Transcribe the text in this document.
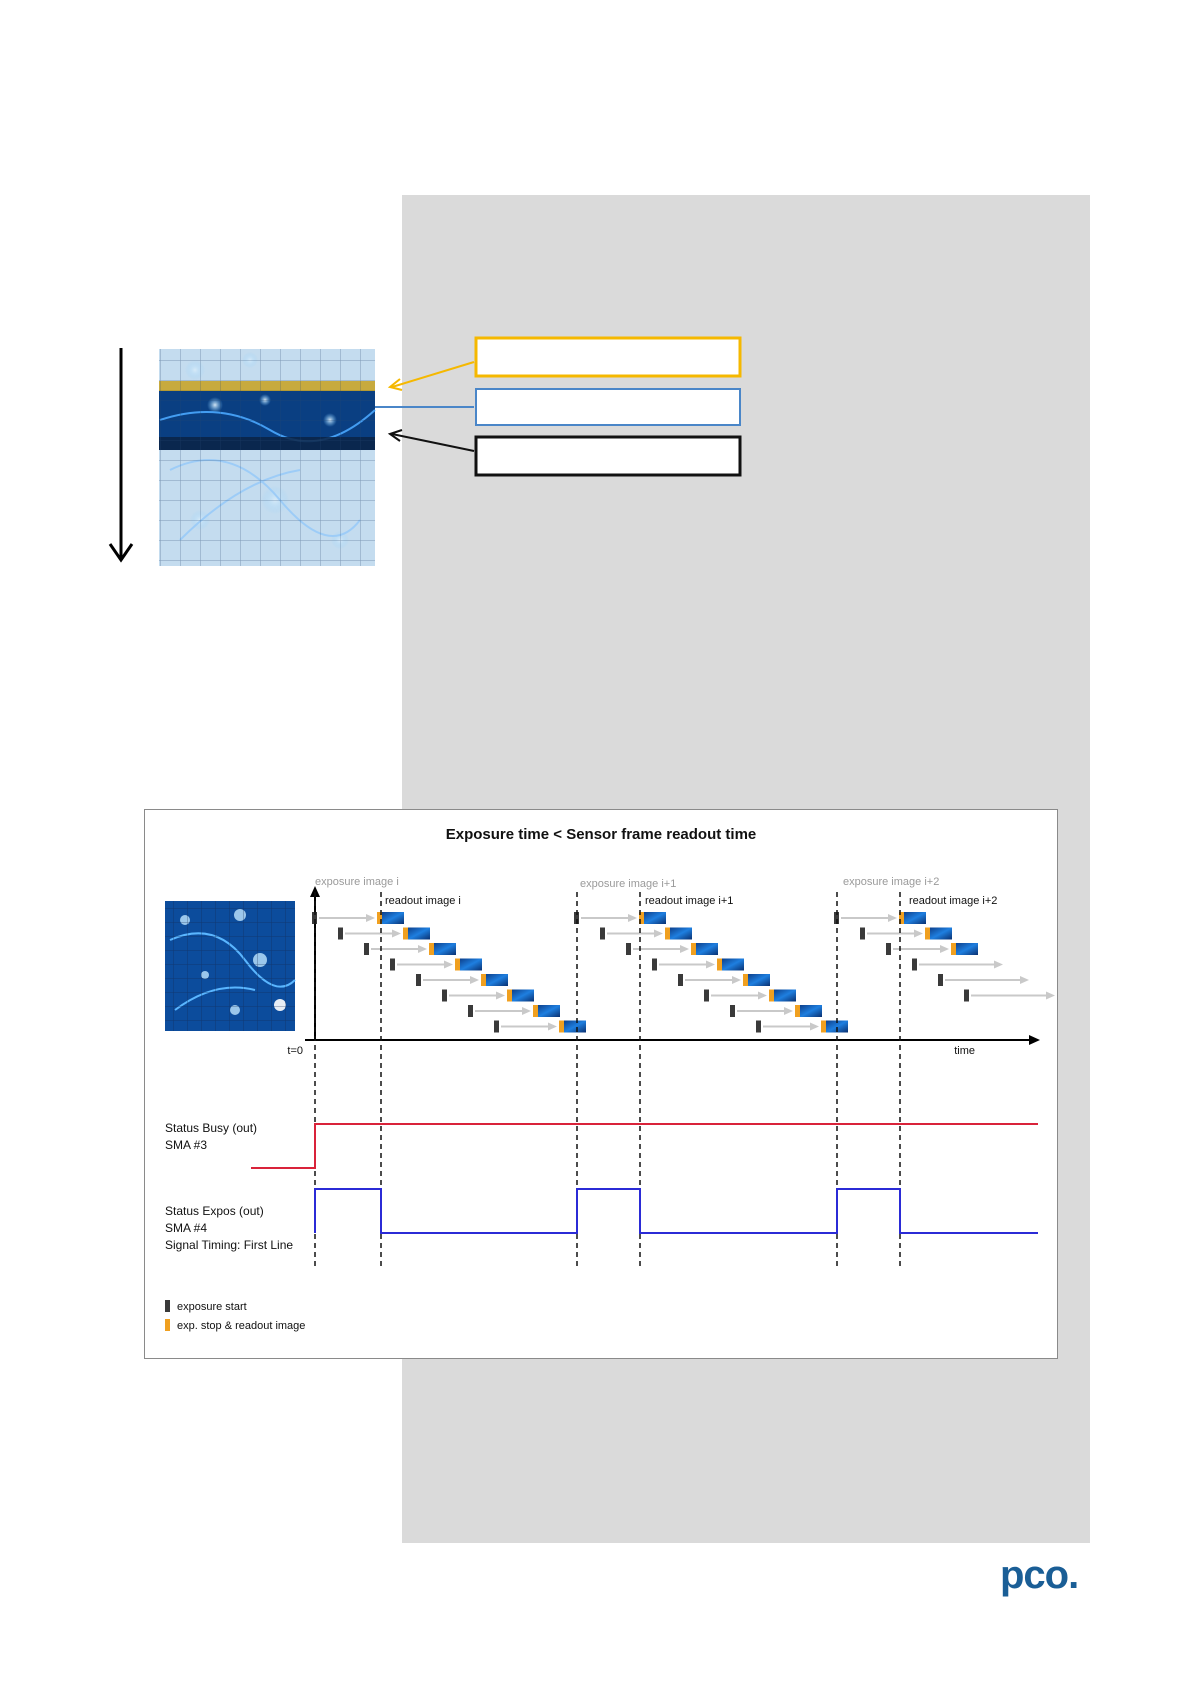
Exposure time < Sensor frame readout time
t=0	time
exposure image i
readout image i
exposure image i+1
readout image i+1
exposure image i+2
readout image i+2
Status Busy (out)
SMA #3
Status Expos (out)
SMA #4
Signal Timing: First Line
exposure start
exp. stop & readout image
pco.
